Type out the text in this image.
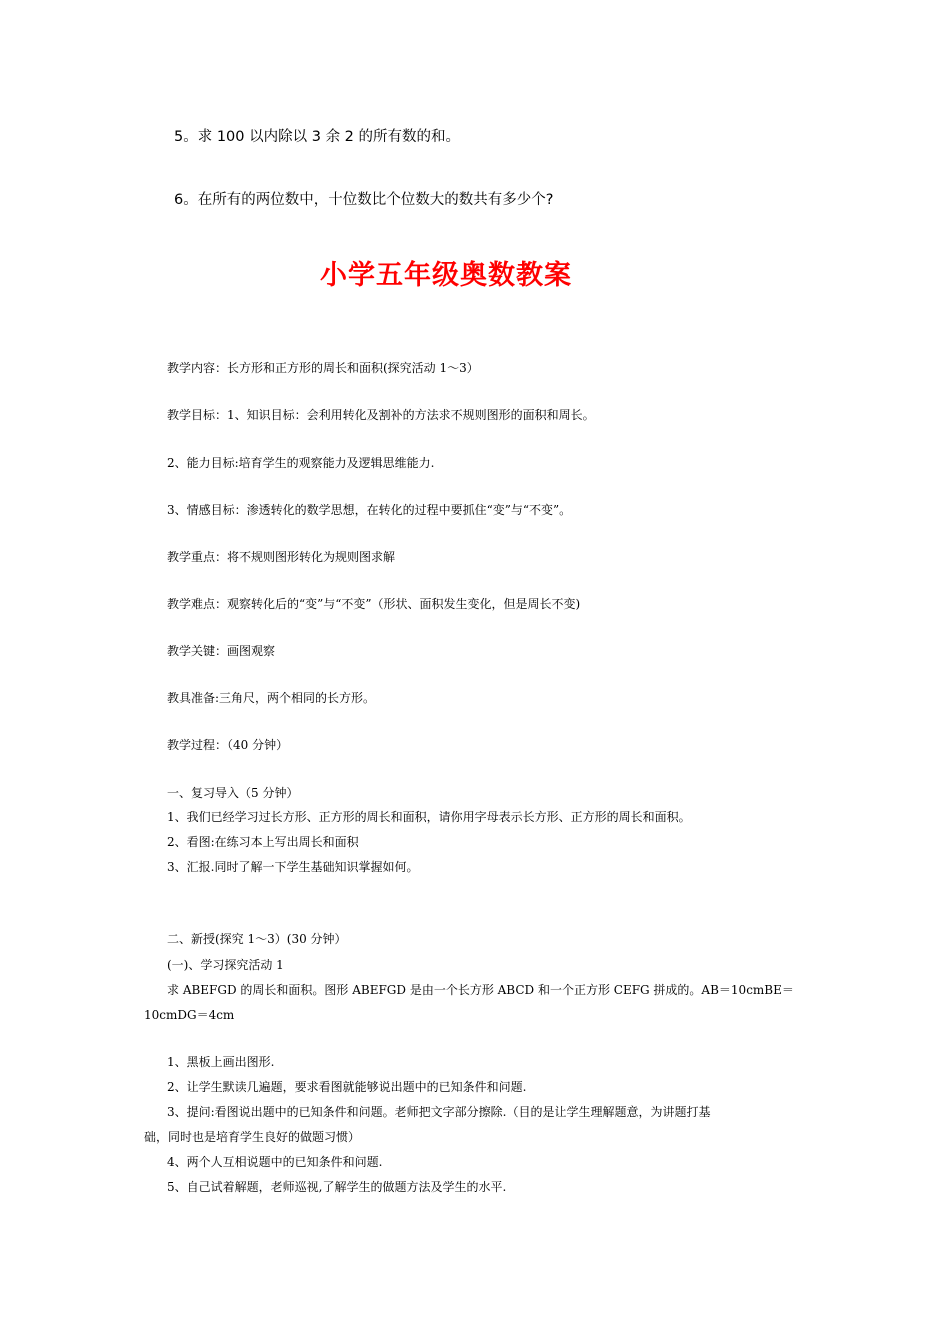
5。求 100 以内除以 3 余 2 的所有数的和。
6。在所有的两位数中，十位数比个位数大的数共有多少个?
小学五年级奥数教案
教学内容：长方形和正方形的周长和面积(探究活动 1～3）
教学目标：1、知识目标：会利用转化及割补的方法求不规则图形的面积和周长。
2、能力目标:培育学生的观察能力及逻辑思维能力.
3、情感目标：渗透转化的数学思想，在转化的过程中要抓住“变”与“不变”。
教学重点：将不规则图形转化为规则图求解
教学难点：观察转化后的“变”与“不变”（形状、面积发生变化，但是周长不变)
教学关键：画图观察
教具准备:三角尺，两个相同的长方形。
教学过程：（40 分钟）
一、复习导入（5 分钟）
1、我们已经学习过长方形、正方形的周长和面积，请你用字母表示长方形、正方形的周长和面积。
2、看图:在练习本上写出周长和面积
3、汇报.同时了解一下学生基础知识掌握如何。
二、新授(探究 1～3）(30 分钟）
(一)、学习探究活动 1
求 ABEFGD 的周长和面积。图形 ABEFGD 是由一个长方形 ABCD 和一个正方形 CEFG 拼成的。AB＝10cmBE＝
10cmDG＝4cm
1、黑板上画出图形.
2、让学生默读几遍题，要求看图就能够说出题中的已知条件和问题.
3、提问:看图说出题中的已知条件和问题。老师把文字部分擦除.（目的是让学生理解题意，为讲题打基
础，同时也是培育学生良好的做题习惯）
4、两个人互相说题中的已知条件和问题.
5、自己试着解题，老师巡视,了解学生的做题方法及学生的水平.
